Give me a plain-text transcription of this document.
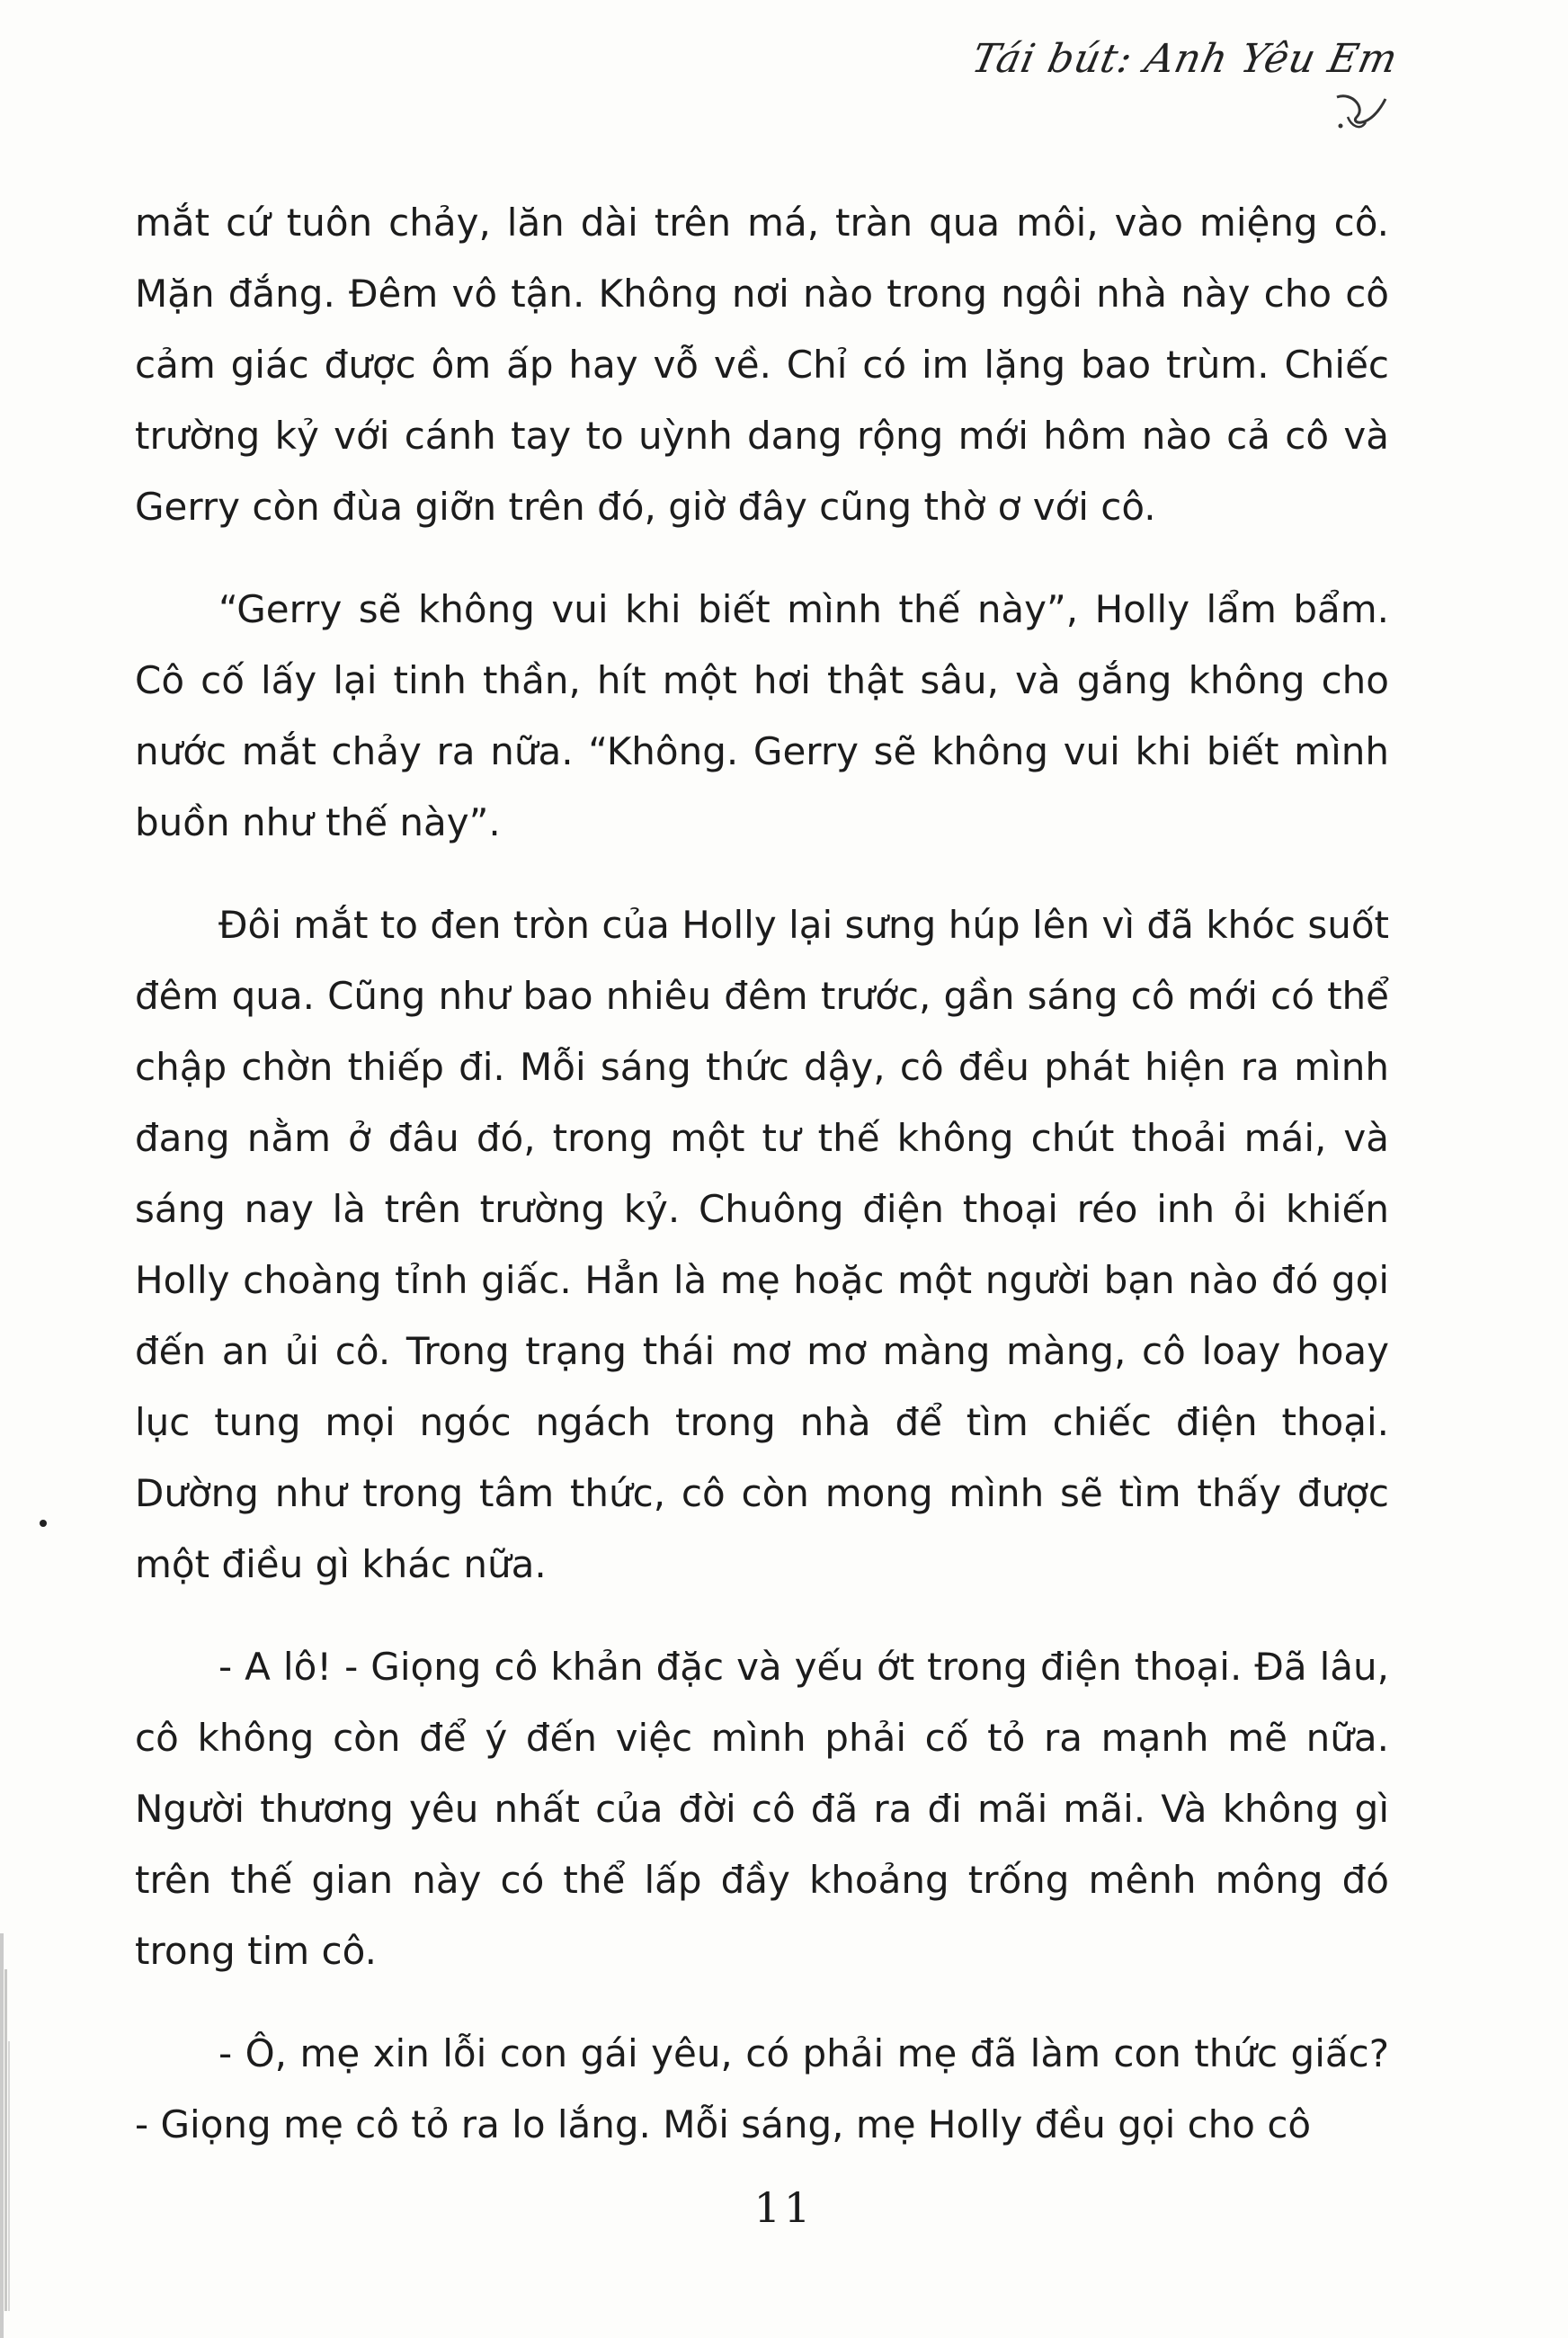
Tái bút: Anh Yêu Em

mắt cứ tuôn chảy, lăn dài trên má, tràn qua môi, vào miệng cô. Mặn đắng. Đêm vô tận. Không nơi nào trong ngôi nhà này cho cô cảm giác được ôm ấp hay vỗ về. Chỉ có im lặng bao trùm. Chiếc trường kỷ với cánh tay to uỳnh dang rộng mới hôm nào cả cô và Gerry còn đùa giỡn trên đó, giờ đây cũng thờ ơ với cô.

“Gerry sẽ không vui khi biết mình thế này”, Holly lẩm bẩm. Cô cố lấy lại tinh thần, hít một hơi thật sâu, và gắng không cho nước mắt chảy ra nữa. “Không. Gerry sẽ không vui khi biết mình buồn như thế này”.

Đôi mắt to đen tròn của Holly lại sưng húp lên vì đã khóc suốt đêm qua. Cũng như bao nhiêu đêm trước, gần sáng cô mới có thể chập chờn thiếp đi. Mỗi sáng thức dậy, cô đều phát hiện ra mình đang nằm ở đâu đó, trong một tư thế không chút thoải mái, và sáng nay là trên trường kỷ. Chuông điện thoại réo inh ỏi khiến Holly choàng tỉnh giấc. Hẳn là mẹ hoặc một người bạn nào đó gọi đến an ủi cô. Trong trạng thái mơ mơ màng màng, cô loay hoay lục tung mọi ngóc ngách trong nhà để tìm chiếc điện thoại. Dường như trong tâm thức, cô còn mong mình sẽ tìm thấy được một điều gì khác nữa.

- A lô! - Giọng cô khản đặc và yếu ớt trong điện thoại. Đã lâu, cô không còn để ý đến việc mình phải cố tỏ ra mạnh mẽ nữa. Người thương yêu nhất của đời cô đã ra đi mãi mãi. Và không gì trên thế gian này có thể lấp đầy khoảng trống mênh mông đó trong tim cô.

- Ô, mẹ xin lỗi con gái yêu, có phải mẹ đã làm con thức giấc? - Giọng mẹ cô tỏ ra lo lắng. Mỗi sáng, mẹ Holly đều gọi cho cô

11
